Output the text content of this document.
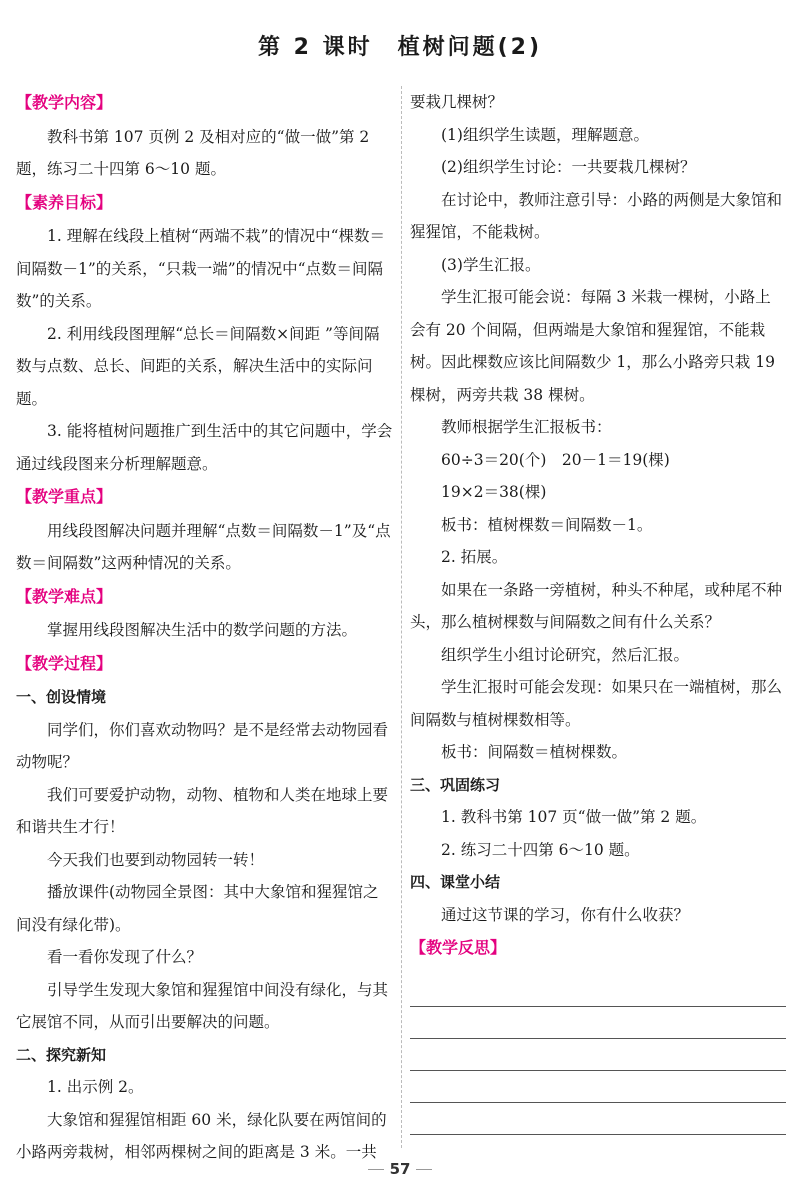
第 2 课时　植树问题(2)
【教学内容】

教科书第 107 页例 2 及相对应的“做一做”第 2 题，练习二十四第 6～10 题。

【素养目标】

1. 理解在线段上植树“两端不栽”的情况中“棵数＝间隔数－1”的关系，“只栽一端”的情况中“点数＝间隔数”的关系。

2. 利用线段图理解“总长＝间隔数×间距 ”等间隔数与点数、总长、间距的关系，解决生活中的实际问题。

3. 能将植树问题推广到生活中的其它问题中，学会通过线段图来分析理解题意。

【教学重点】

用线段图解决问题并理解“点数＝间隔数－1”及“点数＝间隔数”这两种情况的关系。

【教学难点】

掌握用线段图解决生活中的数学问题的方法。

【教学过程】
一、创设情境

同学们，你们喜欢动物吗？是不是经常去动物园看动物呢？

我们可要爱护动物，动物、植物和人类在地球上要和谐共生才行！

今天我们也要到动物园转一转！

播放课件(动物园全景图：其中大象馆和猩猩馆之间没有绿化带)。

看一看你发现了什么？

引导学生发现大象馆和猩猩馆中间没有绿化，与其它展馆不同，从而引出要解决的问题。

二、探究新知

1. 出示例 2。

大象馆和猩猩馆相距 60 米，绿化队要在两馆间的小路两旁栽树，相邻两棵树之间的距离是 3 米。一共

要栽几棵树？

(1)组织学生读题，理解题意。

(2)组织学生讨论：一共要栽几棵树？

在讨论中，教师注意引导：小路的两侧是大象馆和猩猩馆，不能栽树。

(3)学生汇报。

学生汇报可能会说：每隔 3 米栽一棵树，小路上会有 20 个间隔，但两端是大象馆和猩猩馆，不能栽树。因此棵数应该比间隔数少 1，那么小路旁只栽 19 棵树，两旁共栽 38 棵树。

教师根据学生汇报板书：

60÷3＝20(个)　20－1＝19(棵)

19×2＝38(棵)

板书：植树棵数＝间隔数－1。

2. 拓展。

如果在一条路一旁植树，种头不种尾，或种尾不种头，那么植树棵数与间隔数之间有什么关系？

组织学生小组讨论研究，然后汇报。

学生汇报时可能会发现：如果只在一端植树，那么间隔数与植树棵数相等。

板书：间隔数＝植树棵数。

三、巩固练习

1. 教科书第 107 页“做一做”第 2 题。

2. 练习二十四第 6～10 题。

四、课堂小结

通过这节课的学习，你有什么收获？

【教学反思】
57
